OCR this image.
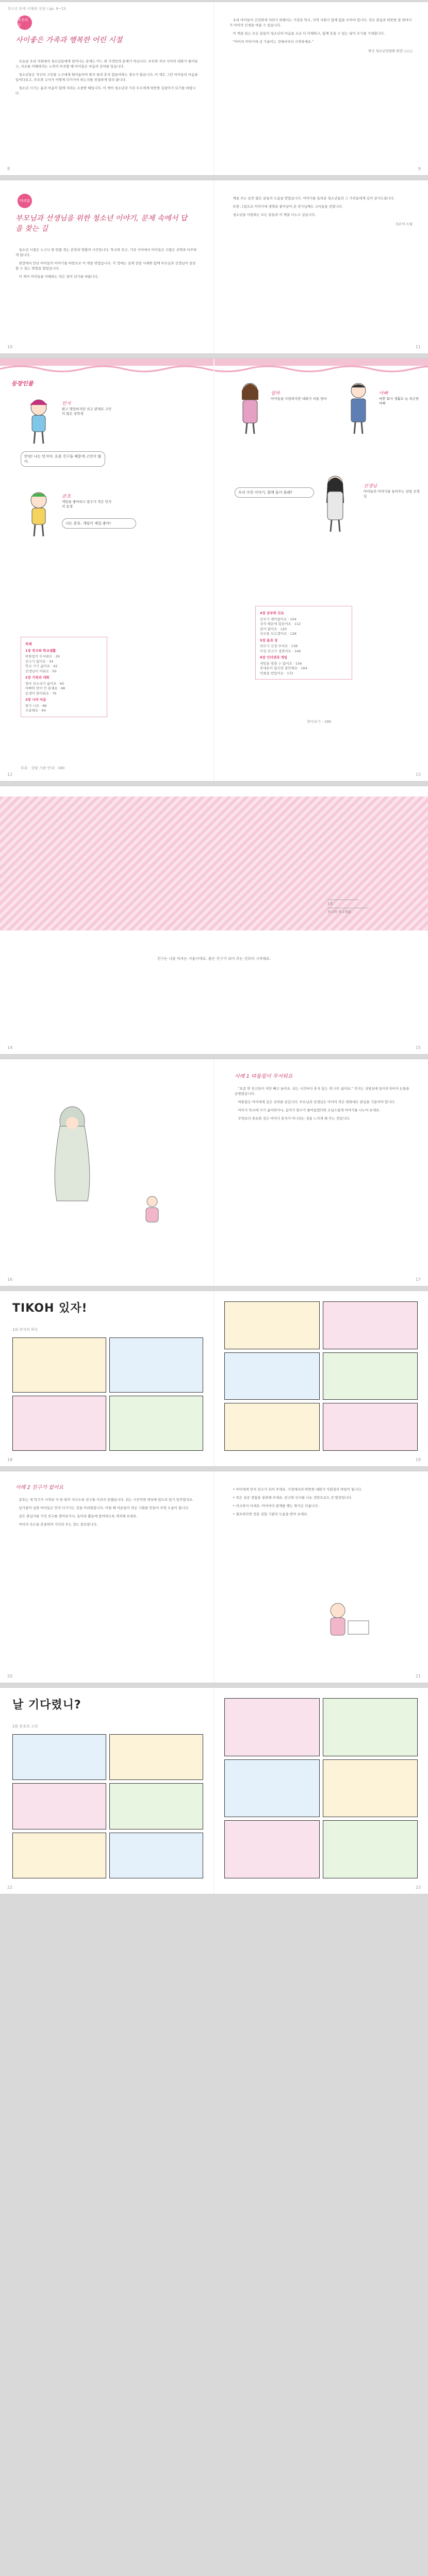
청소년 문제 이해와 상담 / pp. 8~23
추천의 글
사이좋은 가족과 행복한 어린 시절

오늘날 우리 사회에서 청소년들에게 일어나는 문제는 어느 한 가정만의 문제가 아닙니다. 부모와 자녀 사이의 대화가 줄어들고, 서로를 이해하려는 노력이 부족할 때 아이들은 마음의 상처를 입습니다.

청소년들은 자신의 고민을 누구에게 털어놓아야 할지 몰라 혼자 힘들어하는 경우가 많습니다. 이 책은 그런 아이들의 마음을 들여다보고, 부모와 교사가 어떻게 다가가야 하는지를 친절하게 알려 줍니다.

청소년 시기는 몸과 마음이 함께 자라는 소중한 때입니다. 이 책이 청소년과 가족 모두에게 따뜻한 길잡이가 되기를 바랍니다.

8

우리 아이들이 건강하게 자라기 위해서는 가정과 학교, 지역 사회가 함께 힘을 모아야 합니다. 작은 관심과 따뜻한 말 한마디가 아이의 인생을 바꿀 수 있습니다.

이 책을 읽는 모든 분들이 청소년의 마음을 조금 더 이해하고, 함께 웃을 수 있는 날이 오기를 기대합니다.

"아이의 이야기에 귀 기울이는 것에서부터 시작하세요."

한국 청소년상담원 원장 ○○○
9
머리말
부모님과 선생님을 위한 청소년 이야기, 문제 속에서 답을 찾는 길

청소년 시절은 누구나 한 번쯤 겪는 혼란과 방황의 시간입니다. 학교와 친구, 가족 사이에서 아이들은 수많은 선택과 마주하게 됩니다.

현장에서 만난 아이들의 이야기를 바탕으로 이 책을 엮었습니다. 각 장에는 실제 상담 사례와 함께 부모님과 선생님이 실천할 수 있는 방법을 담았습니다.

이 책이 아이들을 이해하는 작은 창이 되기를 바랍니다.

10

책을 쓰는 동안 많은 분들의 도움을 받았습니다. 이야기를 들려준 청소년들과 그 가족들에게 깊이 감사드립니다.

또한 그림으로 이야기에 생명을 불어넣어 준 작가님께도 고마움을 전합니다.

청소년을 사랑하는 모든 분들과 이 책을 나누고 싶습니다.

지은이 드림
11
등장인물
민지
밝고 명랑하지만 친구 관계로 고민이 많은 중학생
안녕! 나는 민지야. 요즘 친구들 때문에 고민이 많아.
준호
게임을 좋아하고 말수가 적은 민지의 동생
나는 준호. 게임이 제일 좋아!
차례
1장 친구와 학교생활
따돌림이 무서워요 · 26
친구가 없어요 · 34
학교 가기 싫어요 · 42
선생님이 미워요 · 50
2장 가족과 대화
엄마 잔소리가 싫어요 · 60
아빠와 말이 안 통해요 · 68
동생이 얄미워요 · 76
3장 나의 마음
화가 나요 · 86
우울해요 · 94
부록 · 상담 기관 안내 · 180
12
엄마
아이들을 사랑하지만 대화가 서툰 엄마
아빠
바쁜 회사 생활로 늘 피곤한 아빠
선생님
아이들의 이야기를 들어주는 상담 선생님
우리 가족 이야기, 함께 들어 볼래?
4장 공부와 진로
공부가 재미없어요 · 104
성적 때문에 힘들어요 · 112
꿈이 없어요 · 120
진로를 모르겠어요 · 128
5장 몸과 성
외모가 신경 쓰여요 · 138
이성 친구가 생겼어요 · 146
6장 인터넷과 게임
게임을 멈출 수 없어요 · 156
휴대폰이 없으면 불안해요 · 164
악플을 받았어요 · 172
찾아보기 · 186
13
1장
친구와 학교생활
친구는 나를 비추는 거울이에요. 좋은 친구가 되어 주는 것부터 시작해요.
14	15
16
사례 1 따돌림이 무서워요

"요즘 반 친구들이 저만 빼고 놀아요. 쉬는 시간마다 혼자 있는 게 너무 싫어요." 민지는 상담실에 들어오자마자 눈물을 글썽였습니다.

따돌림은 아이에게 깊은 상처를 남깁니다. 부모님과 선생님은 아이의 작은 변화에도 관심을 기울여야 합니다.

아이가 학교에 가기 싫어하거나, 갑자기 말수가 줄어들었다면 조심스럽게 이야기를 나누어 보세요.

무엇보다 중요한 것은 아이가 혼자가 아니라는 것을 느끼게 해 주는 것입니다.

17
TIKOH 있자!
1화 민지의 하루
18	19
사례 2 친구가 없어요

준호는 새 학기가 시작된 지 한 달이 지나도록 친구를 사귀지 못했습니다. 쉬는 시간이면 책상에 엎드려 있기 일쑤였지요.

낯가림이 심한 아이들은 먼저 다가가는 것을 어려워합니다. 이럴 때 어른들이 작은 기회를 만들어 주면 도움이 됩니다.

같은 관심사를 가진 친구를 찾아보거나, 동아리 활동에 참여하도록 격려해 보세요.

아이의 속도를 존중하며 기다려 주는 것도 중요합니다.

20

• 아이에게 먼저 친구가 되어 주세요. 가정에서의 따뜻한 대화가 사회성의 바탕이 됩니다.

• 작은 성공 경험을 칭찬해 주세요. 친구와 인사를 나눈 것만으로도 큰 발전입니다.

• 비교하지 마세요. 아이마다 관계를 맺는 방식은 다릅니다.

• 필요하다면 전문 상담 기관의 도움을 받아 보세요.

21
날 기다렸니?
2화 준호의 고민
22	23
